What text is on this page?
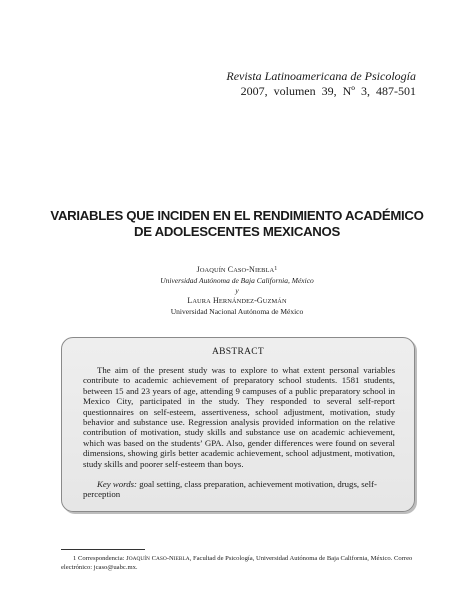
Revista Latinoamericana de Psicología
2007, volumen 39, Nº 3, 487-501
VARIABLES QUE INCIDEN EN EL RENDIMIENTO ACADÉMICO
DE ADOLESCENTES MEXICANOS
JOAQUÍN CASO-NIEBLA$^1$
Universidad Autónoma de Baja California, México
y
LAURA HERNÁNDEZ-GUZMÁN
Universidad Nacional Autónoma de México
ABSTRACT
The aim of the present study was to explore to what extent personal variables contribute to academic achievement of preparatory school students. 1581 students, between 15 and 23 years of age, attending 9 campuses of a public preparatory school in Mexico City, participated in the study. They responded to several self-report questionnaires on self-esteem, assertiveness, school adjustment, motivation, study behavior and substance use. Regression analysis provided information on the relative contribution of motivation, study skills and substance use on academic achievement, which was based on the students’ GPA. Also, gender differences were found on several dimensions, showing girls better academic achievement, school adjustment, motivation, study skills and poorer self-esteem than boys.
Key words: goal setting, class preparation, achievement motivation, drugs, self-perception
1 Correspondencia: JOAQUÍN CASO-NIEBLA, Facultad de Psicología, Universidad Autónoma de Baja California, México. Correo electrónico: jcaso@uabc.mx.
